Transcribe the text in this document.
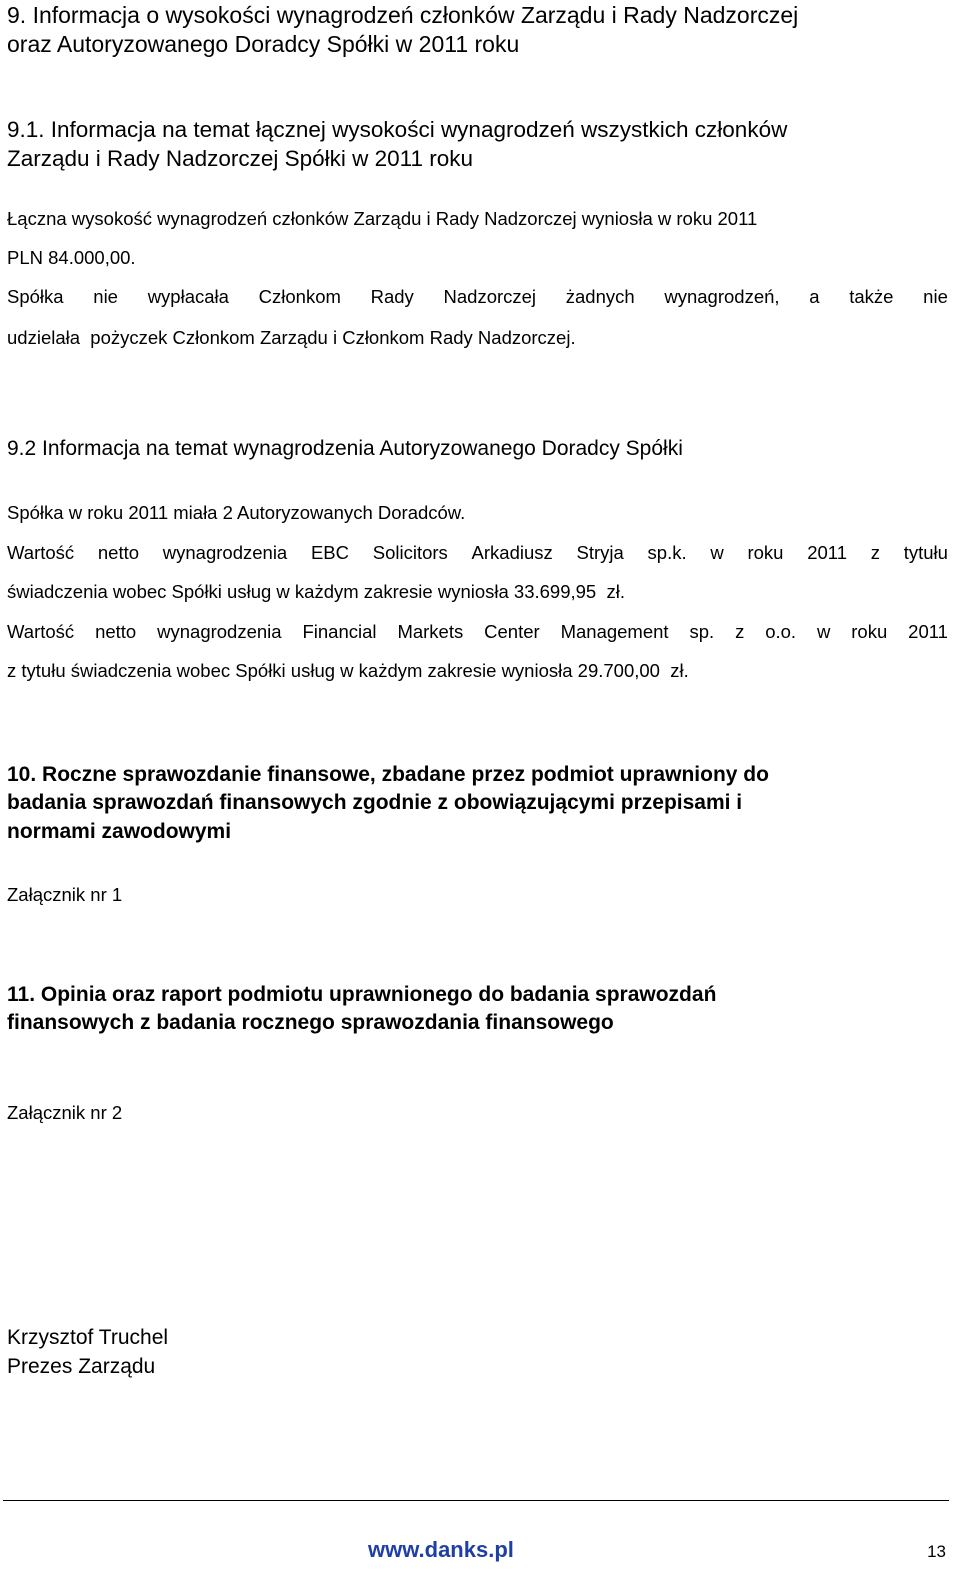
9. Informacja o wysokości wynagrodzeń członków Zarządu i Rady Nadzorczej
oraz Autoryzowanego Doradcy Spółki w 2011 roku
9.1. Informacja na temat łącznej wysokości wynagrodzeń wszystkich członków
Zarządu i Rady Nadzorczej Spółki w 2011 roku
Łączna wysokość wynagrodzeń członków Zarządu i Rady Nadzorczej wyniosła w roku 2011
PLN 84.000,00.
Spółka nie wypłacała Członkom Rady Nadzorczej żadnych wynagrodzeń, a także nie
udzielała  pożyczek Członkom Zarządu i Członkom Rady Nadzorczej.
9.2 Informacja na temat wynagrodzenia Autoryzowanego Doradcy Spółki
Spółka w roku 2011 miała 2 Autoryzowanych Doradców.
Wartość netto wynagrodzenia EBC Solicitors Arkadiusz Stryja sp.k. w roku 2011 z tytułu
świadczenia wobec Spółki usług w każdym zakresie wyniosła 33.699,95  zł.
Wartość netto wynagrodzenia Financial Markets Center Management sp. z o.o. w roku 2011
z tytułu świadczenia wobec Spółki usług w każdym zakresie wyniosła 29.700,00  zł.
10. Roczne sprawozdanie finansowe, zbadane przez podmiot uprawniony do
badania sprawozdań finansowych zgodnie z obowiązującymi przepisami i
normami zawodowymi
Załącznik nr 1
11. Opinia oraz raport podmiotu uprawnionego do badania sprawozdań
finansowych z badania rocznego sprawozdania finansowego
Załącznik nr 2
Krzysztof Truchel
Prezes Zarządu
www.danks.pl	13
